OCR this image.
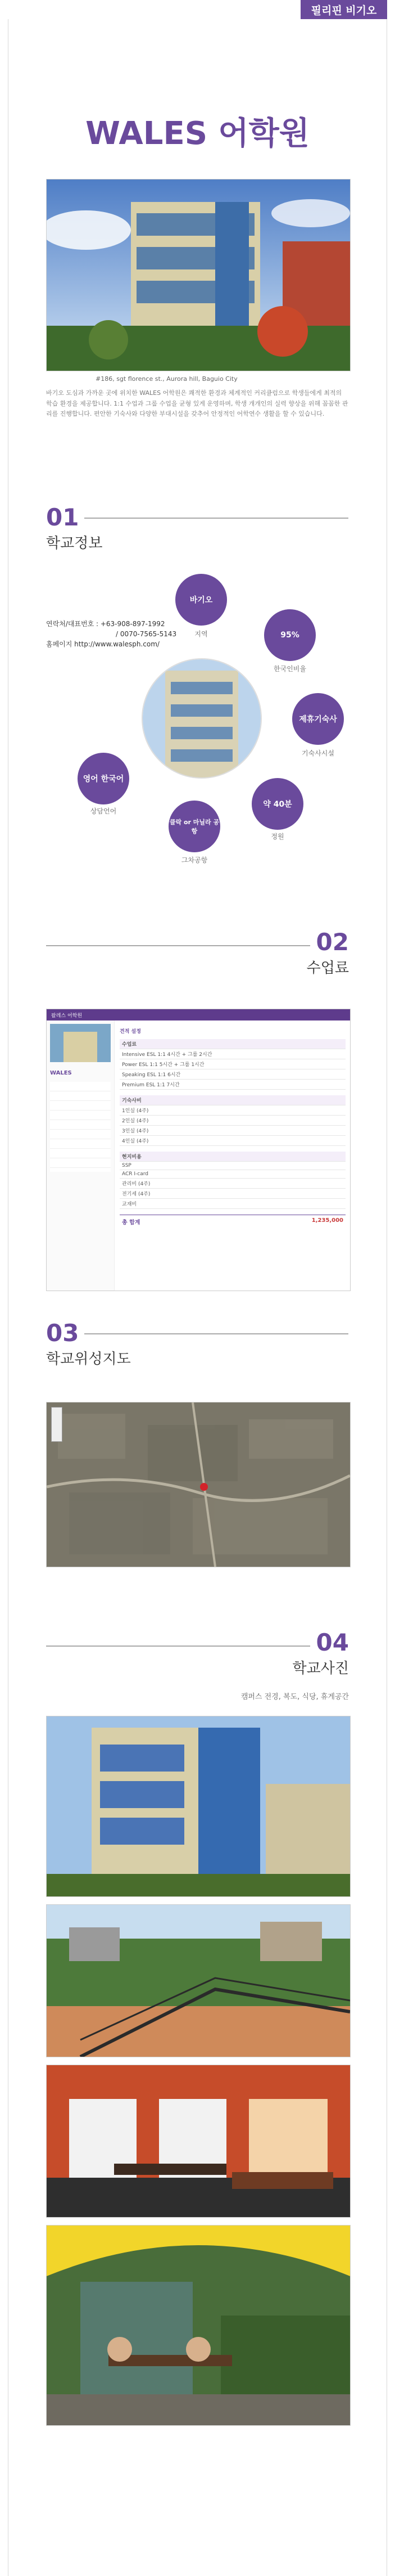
필리핀 비기오
WALES 어학원
#186, sgt florence st., Aurora hill, Baguio City
바기오 도심과 가까운 곳에 위치한 WALES 어학원은 쾌적한 환경과 체계적인 커리큘럼으로 학생들에게 최적의 학습 환경을 제공합니다. 1:1 수업과 그룹 수업을 균형 있게 운영하며, 학생 개개인의 실력 향상을 위해 꼼꼼한 관리를 진행합니다. 편안한 기숙사와 다양한 부대시설을 갖추어 안정적인 어학연수 생활을 할 수 있습니다.
01
학교정보
연락처/대표번호 : +63-908-897-1992
/ 0070-7565-5143
홈페이지 http://www.walesph.com/
바기오
지역	95%
한국인비율
제휴기숙사
기숙사시설
약 40분
정원
클락 or 마닐라 공항
그차공항
영어 한국어
상담언어
02
수업료
왈레스 어학원
WALES
견적 설정
수업료
Intensive ESL 1:1 4시간 + 그룹 2시간
Power ESL 1:1 5시간 + 그룹 1시간
Speaking ESL 1:1 6시간
Premium ESL 1:1 7시간
기숙사비
1인실 (4주)
2인실 (4주)
3인실 (4주)
4인실 (4주)
현지비용
SSP
ACR I-card
관리비 (4주)
전기세 (4주)
교재비
총 합계	1,235,000
03
학교위성지도
04
학교사진
캠퍼스 전경, 복도, 식당, 휴게공간
